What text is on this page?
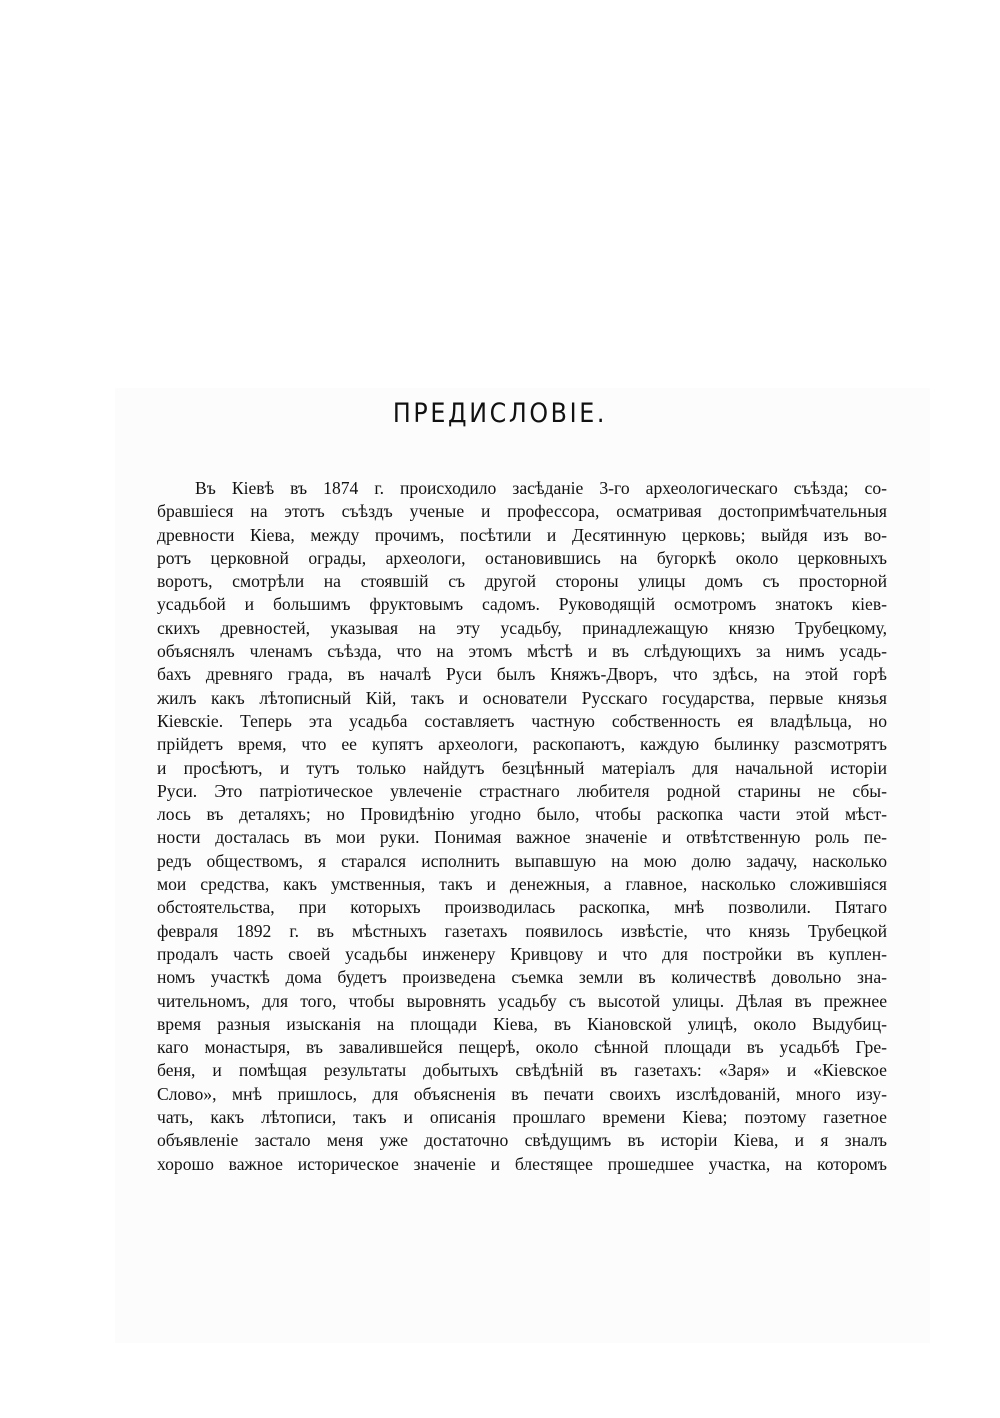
ПРЕДИСЛОВIЕ.
Въ Кіевѣ въ 1874 г. происходило засѣданіе 3-го археологическаго съѣзда; со-
бравшіеся на этотъ съѣздъ ученые и профессора, осматривая достопримѣчательныя
древности Кіева, между прочимъ, посѣтили и Десятинную церковь; выйдя изъ во-
ротъ церковной ограды, археологи, остановившись на бугоркѣ около церковныхъ
воротъ, смотрѣли на стоявшій съ другой стороны улицы домъ съ просторной
усадьбой и большимъ фруктовымъ садомъ. Руководящій осмотромъ знатокъ кіев-
скихъ древностей, указывая на эту усадьбу, принадлежащую князю Трубецкому,
объяснялъ членамъ съѣзда, что на этомъ мѣстѣ и въ слѣдующихъ за нимъ усадь-
бахъ древняго града, въ началѣ Руси былъ Княжъ-Дворъ, что здѣсь, на этой горѣ
жилъ какъ лѣтописный Кій, такъ и основатели Русскаго государства, первые князья
Кіевскіе. Теперь эта усадьба составляетъ частную собственность ея владѣльца, но
прійдетъ время, что ее купятъ археологи, раскопаютъ, каждую былинку разсмотрятъ
и просѣютъ, и тутъ только найдутъ безцѣнный матеріалъ для начальной исторіи
Руси. Это патріотическое увлеченіе страстнаго любителя родной старины не сбы-
лось въ деталяхъ; но Провидѣнію угодно было, чтобы раскопка части этой мѣст-
ности досталась въ мои руки. Понимая важное значеніе и отвѣтственную роль пе-
редъ обществомъ, я старался исполнить выпавшую на мою долю задачу, насколько
мои средства, какъ умственныя, такъ и денежныя, а главное, насколько сложившіяся
обстоятельства, при которыхъ производилась раскопка, мнѣ позволили. Пятаго
февраля 1892 г. въ мѣстныхъ газетахъ появилось извѣстіе, что князь Трубецкой
продалъ часть своей усадьбы инженеру Кривцову и что для постройки въ куплен-
номъ участкѣ дома будетъ произведена съемка земли въ количествѣ довольно зна-
чительномъ, для того, чтобы выровнять усадьбу съ высотой улицы. Дѣлая въ прежнее
время разныя изысканія на площади Кіева, въ Кіановской улицѣ, около Выдубиц-
каго монастыря, въ завалившейся пещерѣ, около сѣнной площади въ усадьбѣ Гре-
беня, и помѣщая результаты добытыхъ свѣдѣній въ газетахъ: «Заря» и «Кіевское
Слово», мнѣ пришлось, для объясненія въ печати своихъ изслѣдованій, много изу-
чать, какъ лѣтописи, такъ и описанія прошлаго времени Кіева; поэтому газетное
объявленіе застало меня уже достаточно свѣдущимъ въ исторіи Кіева, и я зналъ
хорошо важное историческое значеніе и блестящее прошедшее участка, на которомъ
